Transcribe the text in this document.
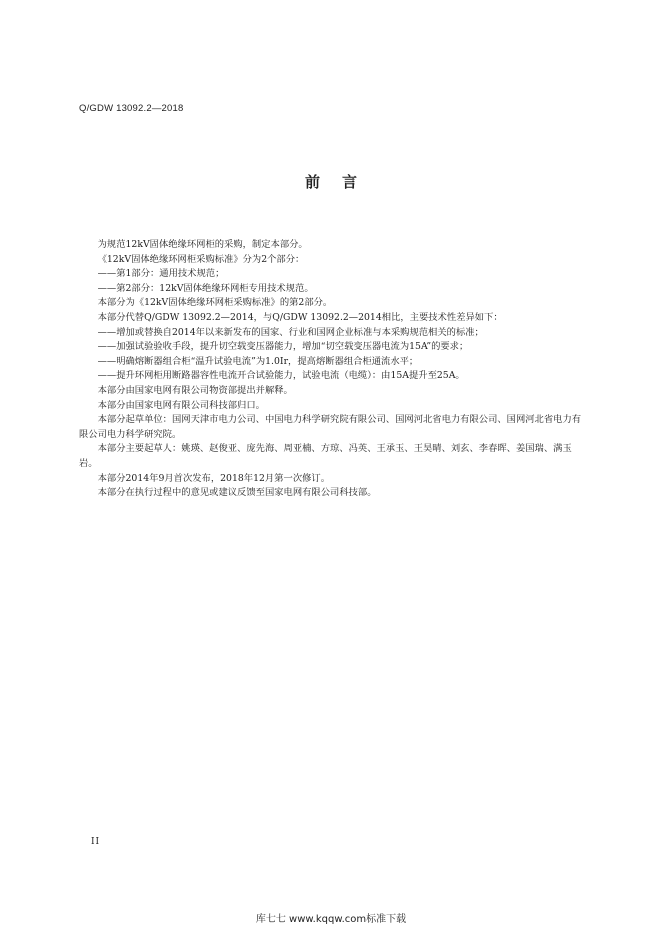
Q/GDW 13092.2—2018
前言

为规范12kV固体绝缘环网柜的采购，制定本部分。

《12kV固体绝缘环网柜采购标准》分为2个部分：

——第1部分：通用技术规范；

——第2部分：12kV固体绝缘环网柜专用技术规范。

本部分为《12kV固体绝缘环网柜采购标准》的第2部分。

本部分代替Q/GDW 13092.2—2014，与Q/GDW 13092.2—2014相比，主要技术性差异如下：

——增加或替换自2014年以来新发布的国家、行业和国网企业标准与本采购规范相关的标准；

——加强试验验收手段，提升切空载变压器能力，增加“切空载变压器电流为15A”的要求；

——明确熔断器组合柜“温升试验电流”为1.0Ir，提高熔断器组合柜通流水平；

——提升环网柜用断路器容性电流开合试验能力，试验电流（电缆）：由15A提升至25A。

本部分由国家电网有限公司物资部提出并解释。

本部分由国家电网有限公司科技部归口。

本部分起草单位：国网天津市电力公司、中国电力科学研究院有限公司、国网河北省电力有限公司、国网河北省电力有限公司电力科学研究院。

本部分主要起草人：姚瑛、赵俊亚、庞先海、周亚楠、方琼、冯英、王承玉、王昊晴、刘玄、李春晖、姜国瑞、满玉岩。

本部分2014年9月首次发布，2018年12月第一次修订。

本部分在执行过程中的意见或建议反馈至国家电网有限公司科技部。

II
库七七 www.kqqw.com标准下载
